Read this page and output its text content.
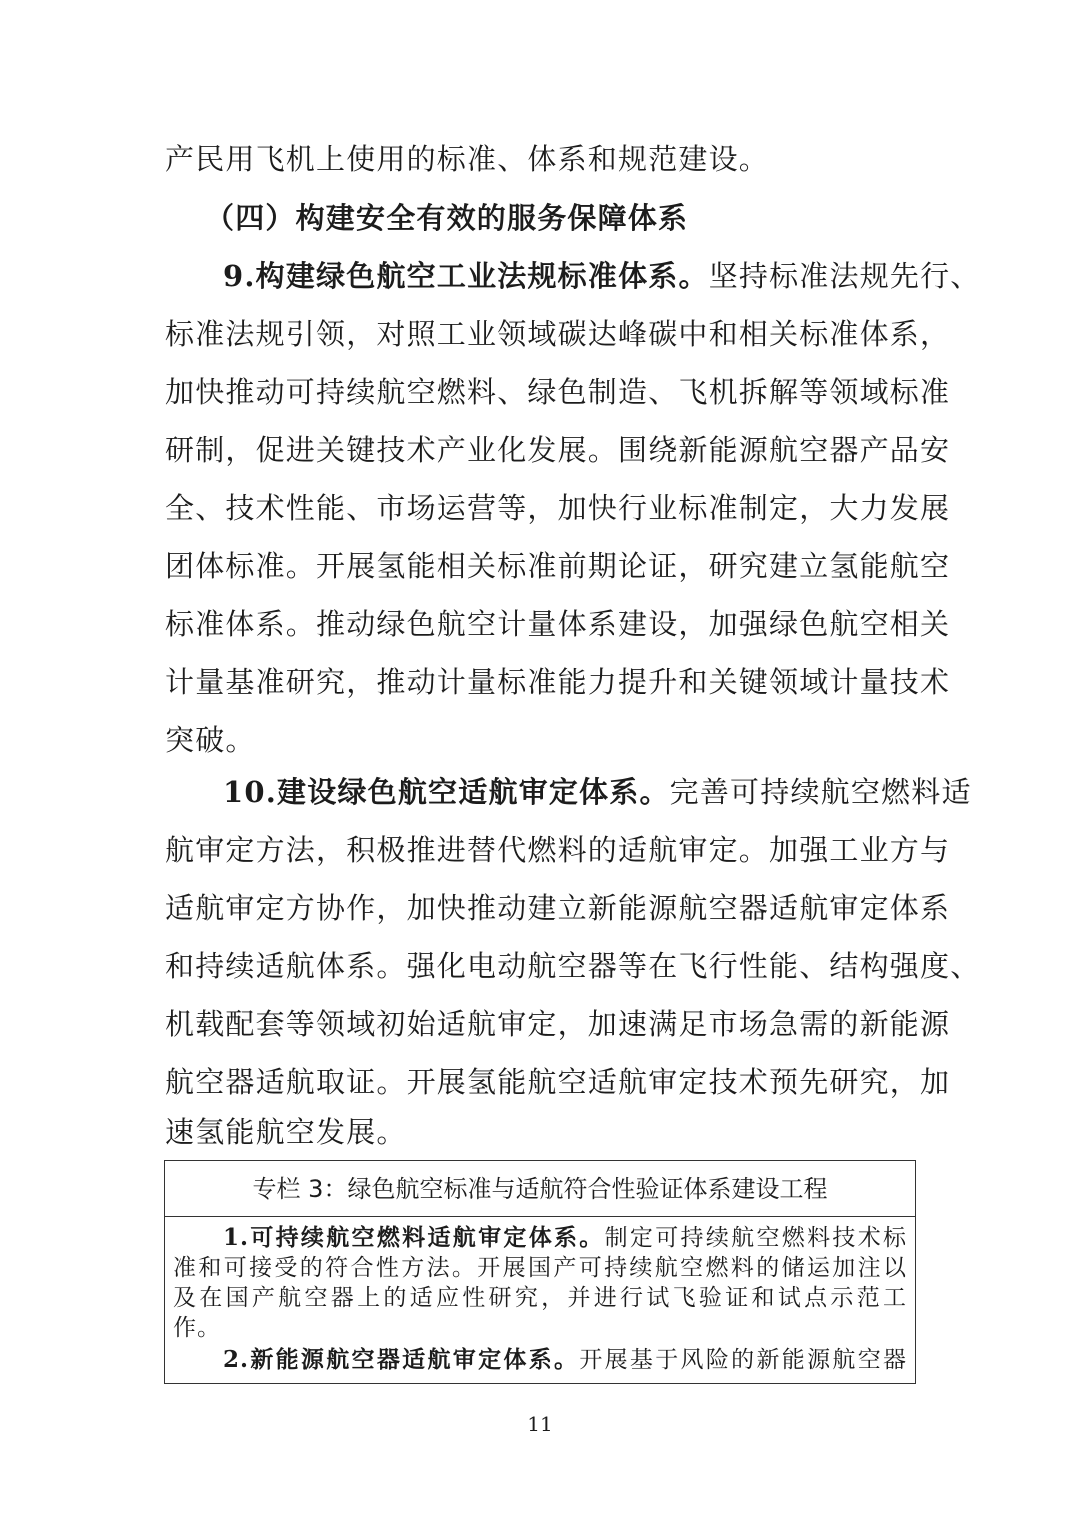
产民用飞机上使用的标准、体系和规范建设。
（四）构建安全有效的服务保障体系
9.构建绿色航空工业法规标准体系。坚持标准法规先行、
标准法规引领，对照工业领域碳达峰碳中和相关标准体系，
加快推动可持续航空燃料、绿色制造、飞机拆解等领域标准
研制，促进关键技术产业化发展。围绕新能源航空器产品安
全、技术性能、市场运营等，加快行业标准制定，大力发展
团体标准。开展氢能相关标准前期论证，研究建立氢能航空
标准体系。推动绿色航空计量体系建设，加强绿色航空相关
计量基准研究，推动计量标准能力提升和关键领域计量技术
突破。
10.建设绿色航空适航审定体系。完善可持续航空燃料适
航审定方法，积极推进替代燃料的适航审定。加强工业方与
适航审定方协作，加快推动建立新能源航空器适航审定体系
和持续适航体系。强化电动航空器等在飞行性能、结构强度、
机载配套等领域初始适航审定，加速满足市场急需的新能源
航空器适航取证。开展氢能航空适航审定技术预先研究，加
速氢能航空发展。
专栏 3：绿色航空标准与适航符合性验证体系建设工程
1.可持续航空燃料适航审定体系。制定可持续航空燃料技术标
准和可接受的符合性方法。开展国产可持续航空燃料的储运加注以
及在国产航空器上的适应性研究，并进行试飞验证和试点示范工
作。
2.新能源航空器适航审定体系。开展基于风险的新能源航空器
11
